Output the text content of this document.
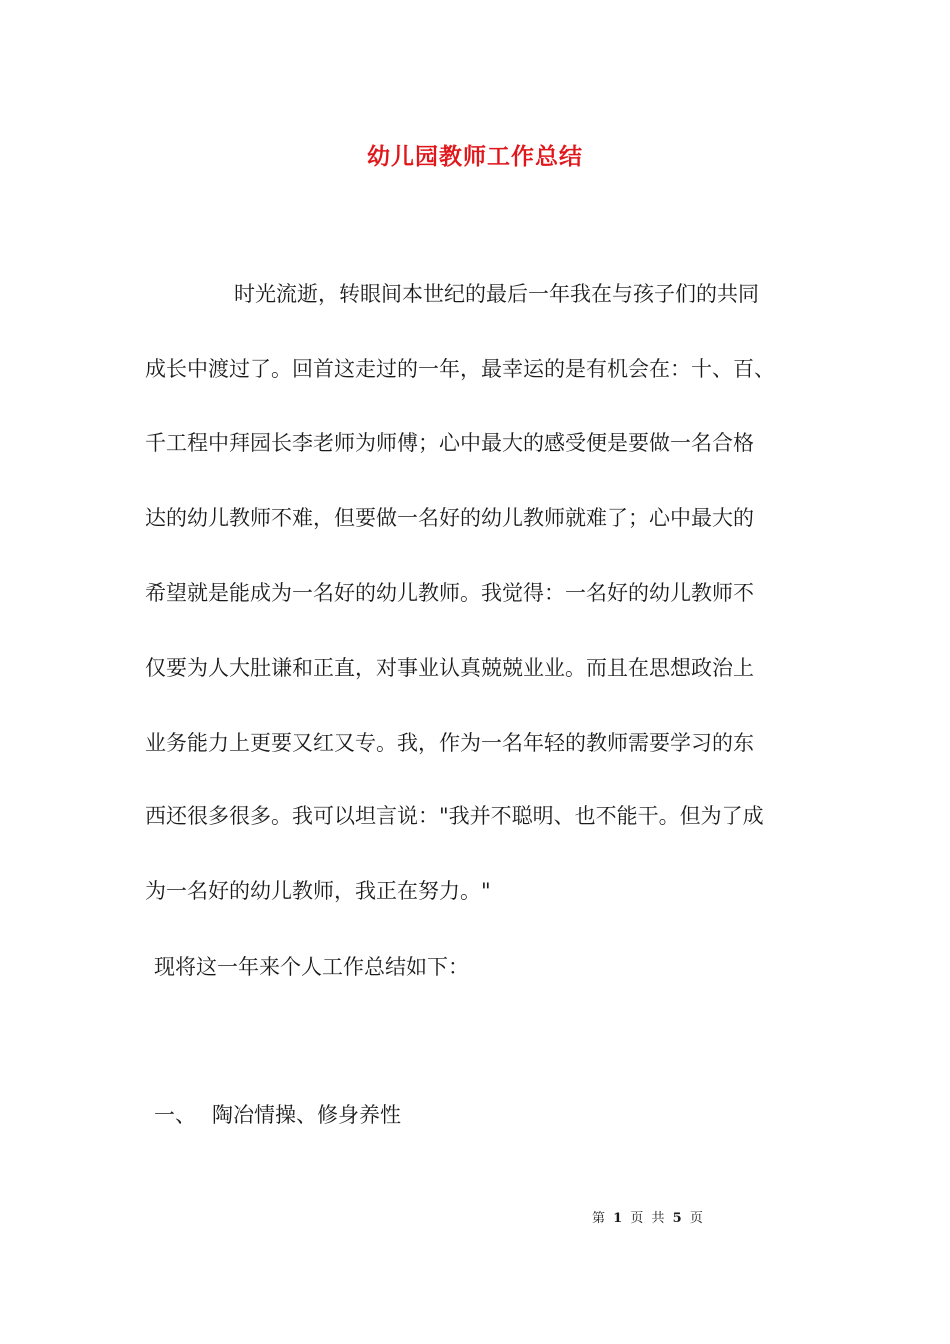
幼儿园教师工作总结
时光流逝，转眼间本世纪的最后一年我在与孩子们的共同
成长中渡过了。回首这走过的一年，最幸运的是有机会在：十、百、
千工程中拜园长李老师为师傅；心中最大的感受便是要做一名合格
达的幼儿教师不难，但要做一名好的幼儿教师就难了；心中最大的
希望就是能成为一名好的幼儿教师。我觉得：一名好的幼儿教师不
仅要为人大肚谦和正直，对事业认真兢兢业业。而且在思想政治上
业务能力上更要又红又专。我，作为一名年轻的教师需要学习的东
西还很多很多。我可以坦言说："我并不聪明、也不能干。但为了成
为一名好的幼儿教师，我正在努力。"
现将这一年来个人工作总结如下：
一、 陶冶情操、修身养性
第 1 页 共 5 页
